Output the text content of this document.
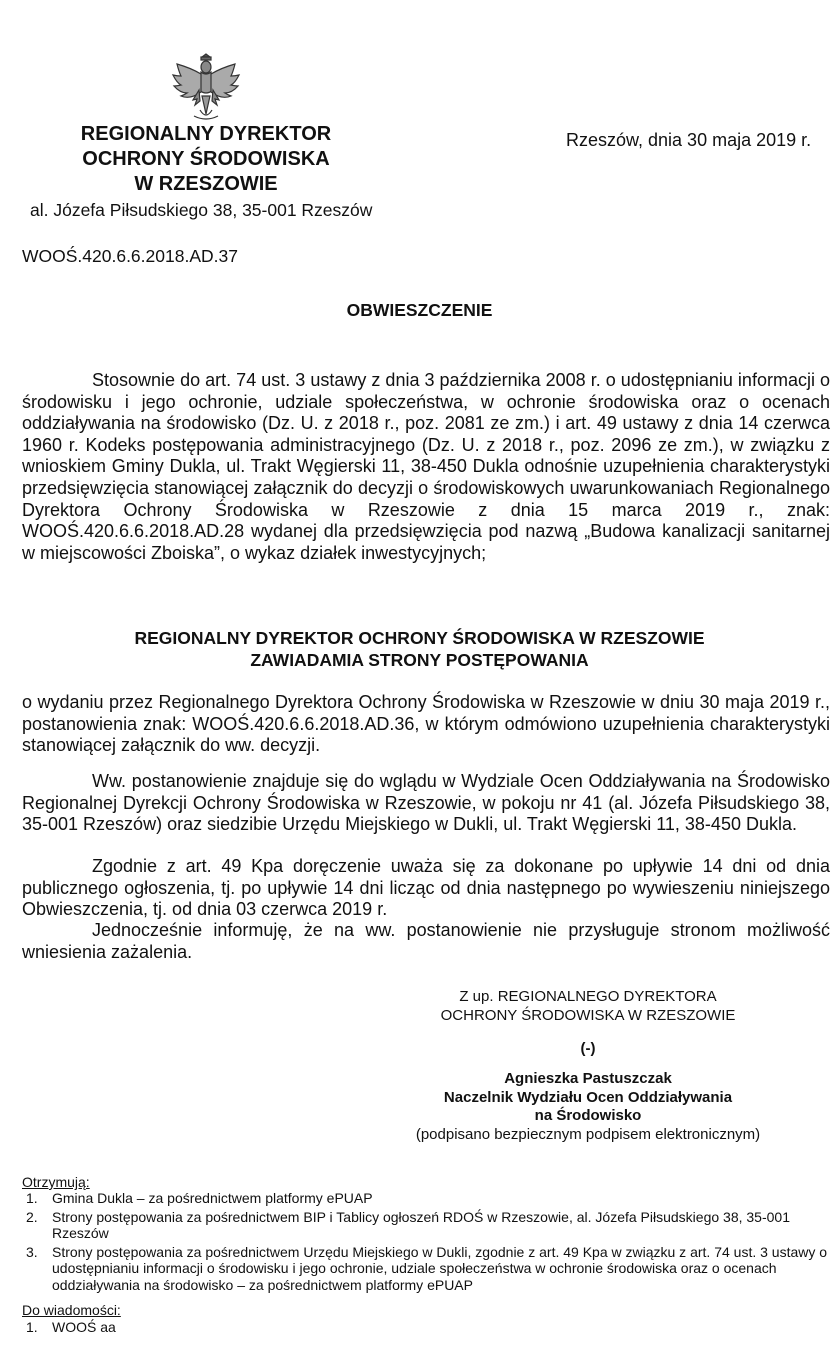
REGIONALNY DYREKTOR
OCHRONY ŚRODOWISKA
W RZESZOWIE
Rzeszów, dnia 30 maja 2019 r.
al. Józefa Piłsudskiego 38, 35-001 Rzeszów
WOOŚ.420.6.6.2018.AD.37
OBWIESZCZENIE
Stosownie do art. 74 ust. 3 ustawy z dnia 3 października 2008 r. o udostępnianiu informacji o środowisku i jego ochronie, udziale społeczeństwa, w ochronie środowiska oraz o ocenach oddziaływania na środowisko (Dz. U. z 2018 r., poz. 2081 ze zm.) i art. 49 ustawy z dnia 14 czerwca 1960 r. Kodeks postępowania administracyjnego (Dz. U. z 2018 r., poz. 2096 ze zm.), w związku z wnioskiem Gminy Dukla, ul. Trakt Węgierski 11, 38-450 Dukla odnośnie uzupełnienia charakterystyki przedsięwzięcia stanowiącej załącznik do decyzji o środowiskowych uwarunkowaniach Regionalnego Dyrektora Ochrony Środowiska w Rzeszowie z dnia 15 marca 2019 r., znak: WOOŚ.420.6.6.2018.AD.28 wydanej dla przedsięwzięcia pod nazwą „Budowa kanalizacji sanitarnej w miejscowości Zboiska”, o wykaz działek inwestycyjnych;
REGIONALNY DYREKTOR OCHRONY ŚRODOWISKA W RZESZOWIE
ZAWIADAMIA STRONY POSTĘPOWANIA
o wydaniu przez Regionalnego Dyrektora Ochrony Środowiska w Rzeszowie w dniu 30 maja 2019 r., postanowienia znak: WOOŚ.420.6.6.2018.AD.36, w którym odmówiono uzupełnienia charakterystyki stanowiącej załącznik do ww. decyzji.
Ww. postanowienie znajduje się do wglądu w Wydziale Ocen Oddziaływania na Środowisko Regionalnej Dyrekcji Ochrony Środowiska w Rzeszowie, w pokoju nr 41 (al. Józefa Piłsudskiego 38, 35-001 Rzeszów) oraz siedzibie Urzędu Miejskiego w Dukli, ul. Trakt Węgierski 11, 38-450 Dukla.
Zgodnie z art. 49 Kpa doręczenie uważa się za dokonane po upływie 14 dni od dnia publicznego ogłoszenia, tj. po upływie 14 dni licząc od dnia następnego po wywieszeniu niniejszego Obwieszczenia, tj. od dnia 03 czerwca 2019 r.
Jednocześnie informuję, że na ww. postanowienie nie przysługuje stronom możliwość wniesienia zażalenia.
Z up. REGIONALNEGO DYREKTORA
OCHRONY ŚRODOWISKA W RZESZOWIE
(-)
Agnieszka Pastuszczak
Naczelnik Wydziału Ocen Oddziaływania
na Środowisko
(podpisano bezpiecznym podpisem elektronicznym)
Otrzymują:
1. Gmina Dukla – za pośrednictwem platformy ePUAP
2. Strony postępowania za pośrednictwem BIP i Tablicy ogłoszeń RDOŚ w Rzeszowie, al. Józefa Piłsudskiego 38, 35-001 Rzeszów
3. Strony postępowania za pośrednictwem Urzędu Miejskiego w Dukli, zgodnie z art. 49 Kpa w związku z art. 74 ust. 3 ustawy o udostępnianiu informacji o środowisku i jego ochronie, udziale społeczeństwa w ochronie środowiska oraz o ocenach oddziaływania na środowisko – za pośrednictwem platformy ePUAP
Do wiadomości:
1. WOOŚ aa
